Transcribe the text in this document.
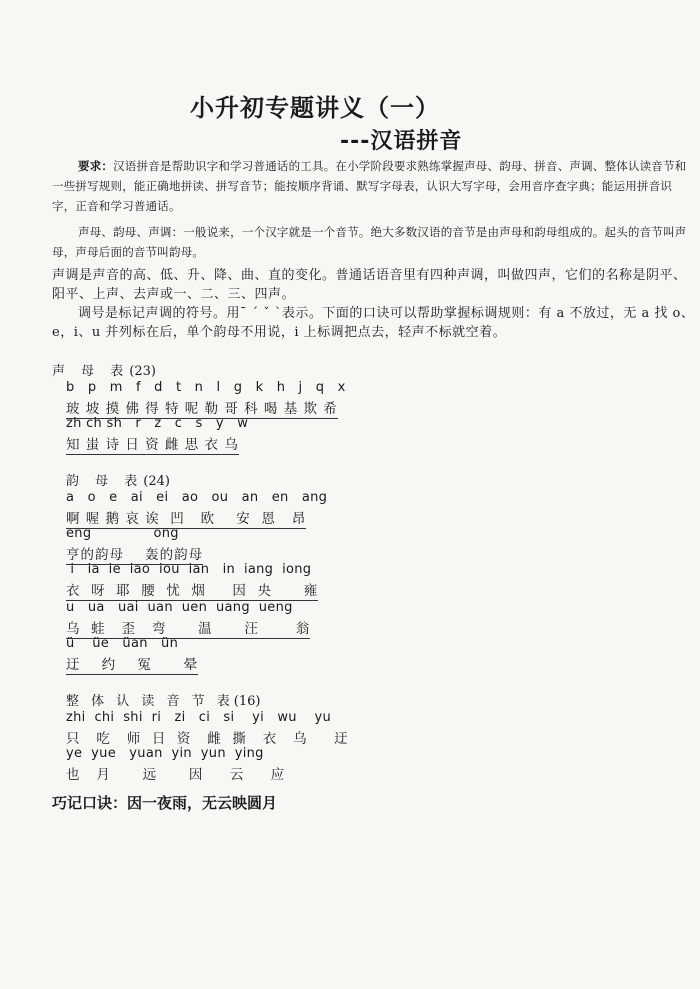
小升初专题讲义（一）
---汉语拼音
要求：汉语拼音是帮助识字和学习普通话的工具。在小学阶段要求熟练掌握声母、韵母、拼音、声调、整体认读音节和一些拼写规则，能正确地拼读、拼写音节；能按顺序背诵、默写字母表，认识大写字母，会用音序查字典；能运用拼音识字，正音和学习普通话。
声母、韵母、声调：一般说来，一个汉字就是一个音节。绝大多数汉语的音节是由声母和韵母组成的。起头的音节叫声母，声母后面的音节叫韵母。
声调是声音的高、低、升、降、曲、直的变化。普通话语音里有四种声调，叫做四声，它们的名称是阴平、阳平、上声、去声或一、二、三、四声。
调号是标记声调的符号。用ˉ ˊ ˇ ˋ表示。下面的口诀可以帮助掌握标调规则：有 a 不放过，无 a 找 o、e，i、u 并列标在后，单个韵母不用说，i 上标调把点去，轻声不标就空着。
声 母 表(23)
b   p   m   f   d   t   n   l   g   k   h   j   q   x
玻 坡 摸 佛 得 特 呢 勒 哥 科 喝 基 欺 希
zh ch sh   r   z   c   s   y   w
知 蚩 诗 日 资 雌 思 衣 乌
韵 母 表(24)
a   o   e   ai   ei   ao   ou   an   en   ang
啊 喔 鹅 哀 诶  凹   欧    安  恩   昂
eng              ong
亨的韵母    轰的韵母
i   ia  ie  iao  iou  ian   in  iang  iong
衣  呀  耶  腰  忧  烟     因  央      雍
u   ua   uai  uan  uen  uang  ueng
乌  蛙   歪   弯      温      汪       翁
ü    üe   üan   ün
迂    约    冤      晕
整 体 认 读 音 节 表(16)
zhi  chi  shi  ri   zi   ci   si    yi   wu    yu
只   吃   师  日  资   雌  撕   衣   乌     迂
ye  yue   yuan  yin  yun  ying
也   月      远      因     云     应
巧记口诀：因一夜雨，无云映圆月
